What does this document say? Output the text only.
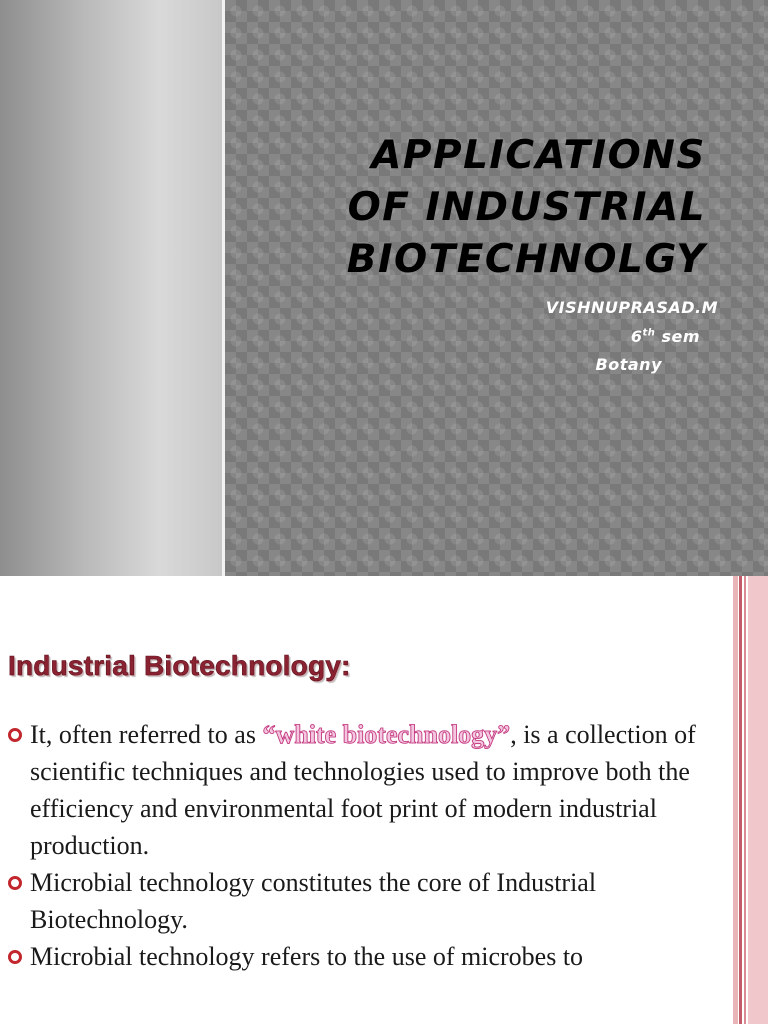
APPLICATIONS
OF INDUSTRIAL
BIOTECHNOLGY
VISHNUPRASAD.M
6th sem
Botany
Industrial Biotechnology:
It, often referred to as “white biotechnology”, is a collection of scientific techniques and technologies used to improve both the efficiency and environmental foot print of modern industrial production.
Microbial technology constitutes the core of Industrial Biotechnology.
Microbial technology refers to the use of microbes to
